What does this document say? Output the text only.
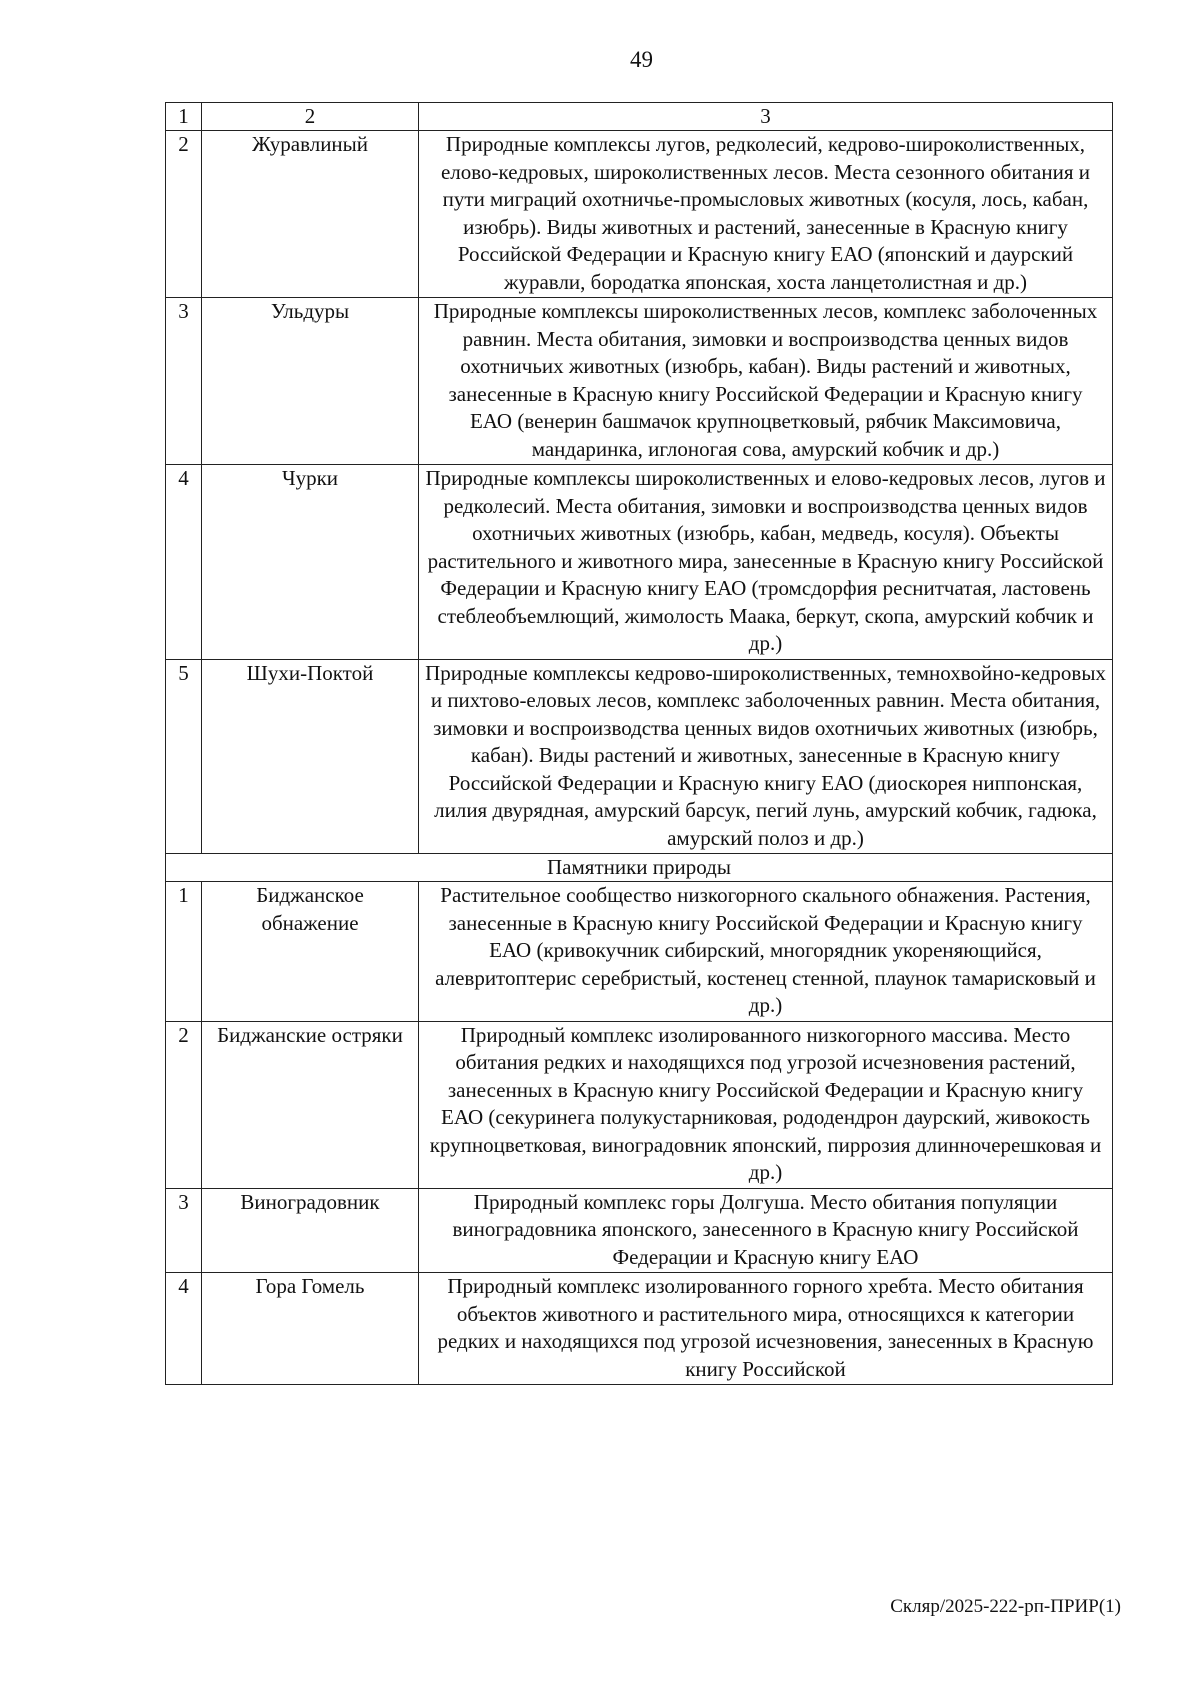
49
1	2	3
2	Журавлиный	Природные комплексы лугов, редколесий, кедрово-широколиственных, елово-кедровых, широколиственных лесов. Места сезонного обитания и пути миграций охотничье-промысловых животных (косуля, лось, кабан, изюбрь). Виды животных и растений, занесенные в Красную книгу Российской Федерации и Красную книгу ЕАО (японский и даурский журавли, бородатка японская, хоста ланцетолистная и др.)
3	Ульдуры	Природные комплексы широколиственных лесов, комплекс заболоченных равнин. Места обитания, зимовки и воспроизводства ценных видов охотничьих животных (изюбрь, кабан). Виды растений и животных, занесенные в Красную книгу Российской Федерации и Красную книгу ЕАО (венерин башмачок крупноцветковый, рябчик Максимовича, мандаринка, иглоногая сова, амурский кобчик и др.)
4	Чурки	Природные комплексы широколиственных и елово-кедровых лесов, лугов и редколесий. Места обитания, зимовки и воспроизводства ценных видов охотничьих животных (изюбрь, кабан, медведь, косуля). Объекты растительного и животного мира, занесенные в Красную книгу Российской Федерации и Красную книгу ЕАО (тромсдорфия реснитчатая, ластовень стеблеобъемлющий, жимолость Маака, беркут, скопа, амурский кобчик и др.)
5	Шухи-Поктой	Природные комплексы кедрово-широколиственных, темнохвойно-кедровых и пихтово-еловых лесов, комплекс заболоченных равнин. Места обитания, зимовки и воспроизводства ценных видов охотничьих животных (изюбрь, кабан). Виды растений и животных, занесенные в Красную книгу Российской Федерации и Красную книгу ЕАО (диоскорея ниппонская, лилия двурядная, амурский барсук, пегий лунь, амурский кобчик, гадюка, амурский полоз и др.)
Памятники природы		
1	Биджанское обнажение	Растительное сообщество низкогорного скального обнажения. Растения, занесенные в Красную книгу Российской Федерации и Красную книгу ЕАО (кривокучник сибирский, многорядник укореняющийся, алевритоптерис серебристый, костенец стенной, плаунок тамарисковый и др.)
2	Биджанские остряки	Природный комплекс изолированного низкогорного массива. Место обитания редких и находящихся под угрозой исчезновения растений, занесенных в Красную книгу Российской Федерации и Красную книгу ЕАО (секуринега полукустарниковая, рододендрон даурский, живокость крупноцветковая, виноградовник японский, пиррозия длинночерешковая и др.)
3	Виноградовник	Природный комплекс горы Долгуша. Место обитания популяции виноградовника японского, занесенного в Красную книгу Российской Федерации и Красную книгу ЕАО
4	Гора Гомель	Природный комплекс изолированного горного хребта. Место обитания объектов животного и растительного мира, относящихся к категории редких и находящихся под угрозой исчезновения, занесенных в Красную книгу Российской
Скляр/2025-222-рп-ПРИР(1)
